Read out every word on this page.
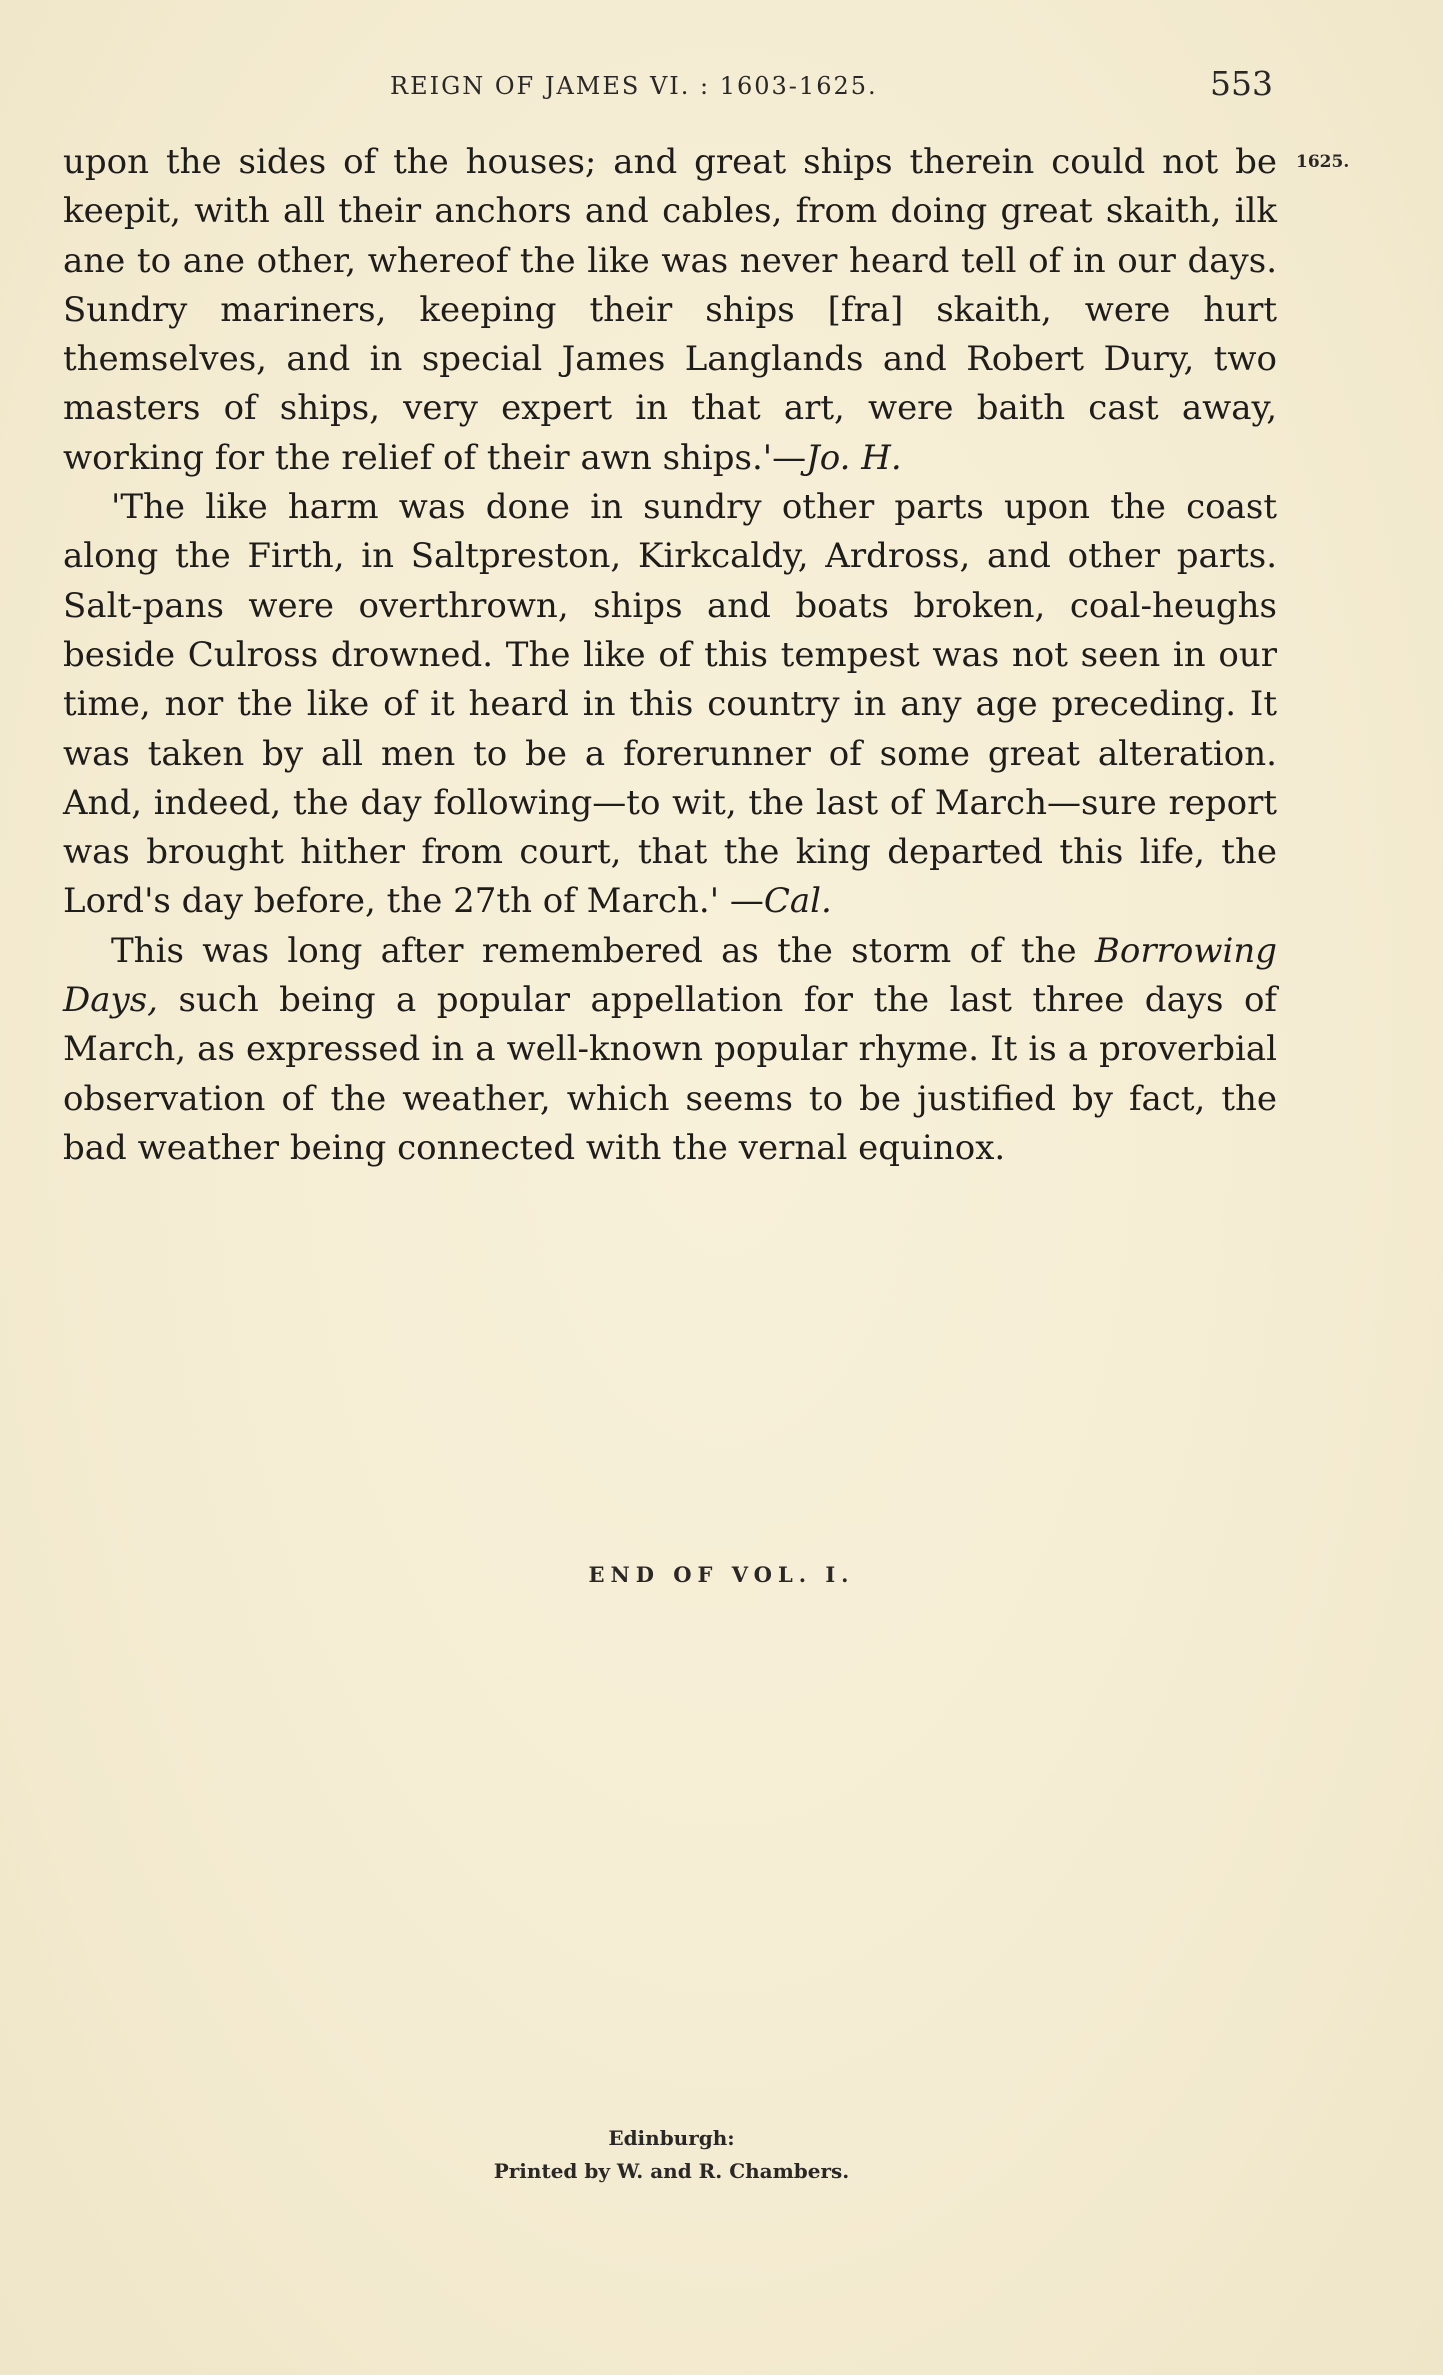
REIGN OF JAMES VI. : 1603-1625.	553
1625.

upon the sides of the houses; and great ships therein could not be keepit, with all their anchors and cables, from doing great skaith, ilk ane to ane other, whereof the like was never heard tell of in our days. Sundry mariners, keeping their ships [fra] skaith, were hurt themselves, and in special James Langlands and Robert Dury, two masters of ships, very expert in that art, were baith cast away, working for the relief of their awn ships.'—Jo. H.

'The like harm was done in sundry other parts upon the coast along the Firth, in Saltpreston, Kirkcaldy, Ardross, and other parts. Salt-pans were overthrown, ships and boats broken, coal-heughs beside Culross drowned. The like of this tempest was not seen in our time, nor the like of it heard in this country in any age preceding. It was taken by all men to be a forerunner of some great alteration. And, indeed, the day following—to wit, the last of March—sure report was brought hither from court, that the king departed this life, the Lord's day before, the 27th of March.' —Cal.

This was long after remembered as the storm of the Borrowing Days, such being a popular appellation for the last three days of March, as expressed in a well-known popular rhyme. It is a proverbial observation of the weather, which seems to be justified by fact, the bad weather being connected with the vernal equinox.

END OF VOL. I.
Edinburgh:
Printed by W. and R. Chambers.
